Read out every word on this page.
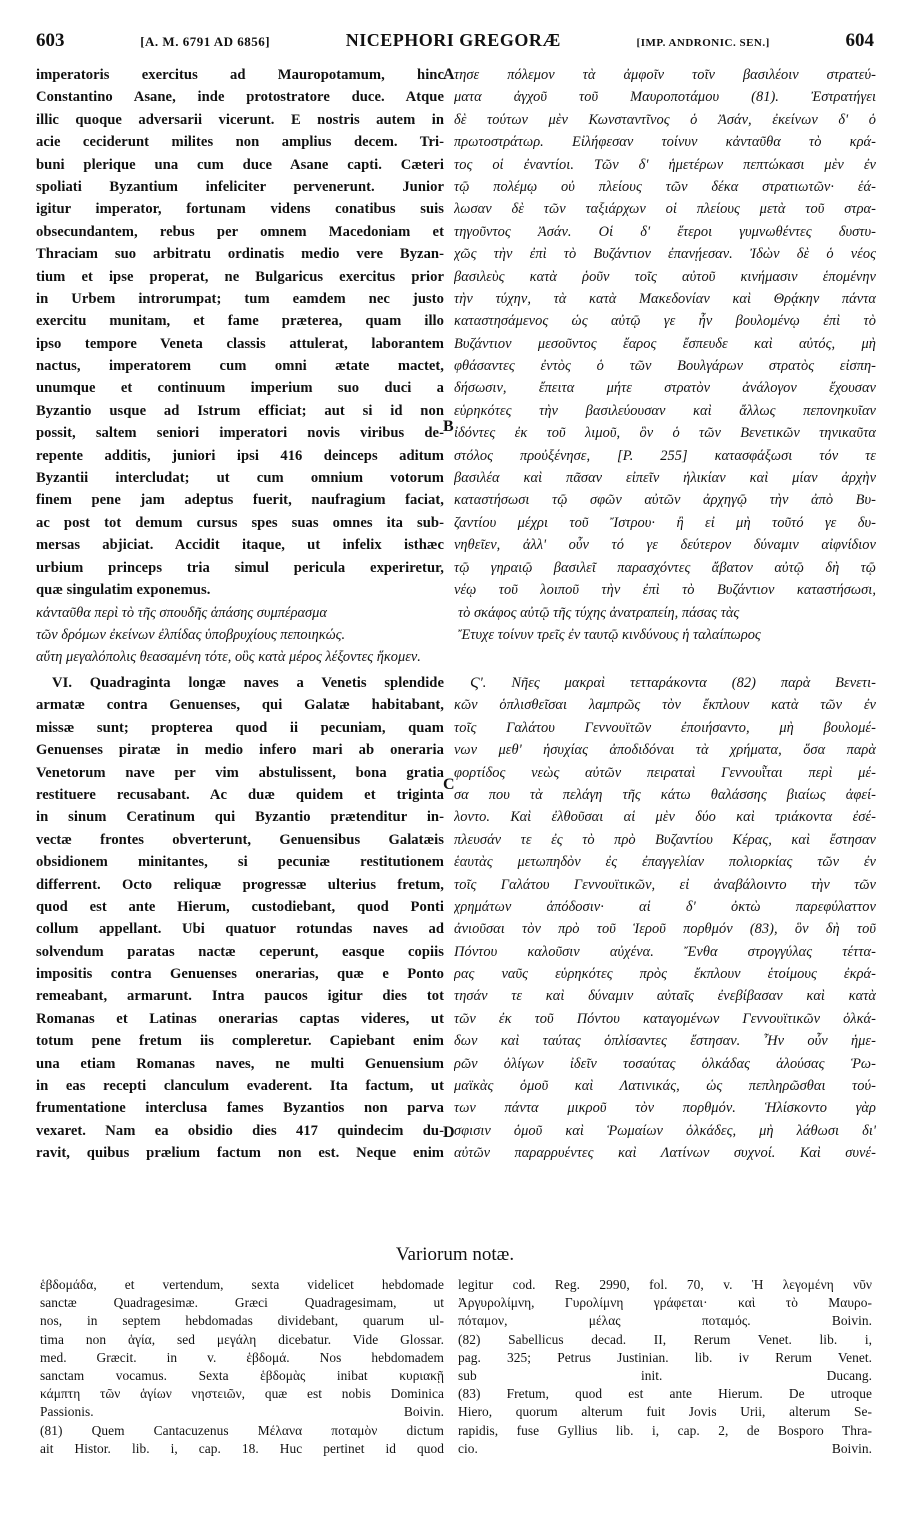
603	[A. M. 6791 AD 6856]	NICEPHORI GREGORÆ	[IMP. ANDRONIC. SEN.]	604
imperatoris exercitus ad Mauropotamum, hinc
Constantino Asane, inde protostratore duce. Atque
illic quoque adversarii vicerunt. E nostris autem in
acie ceciderunt milites non amplius decem. Tri-
buni plerique una cum duce Asane capti. Cæteri
spoliati Byzantium infeliciter pervenerunt. Junior
igitur imperator, fortunam videns conatibus suis
obsecundantem, rebus per omnem Macedoniam et
Thraciam suo arbitratu ordinatis medio vere Byzan-
tium et ipse properat, ne Bulgaricus exercitus prior
in Urbem introrumpat; tum eamdem nec justo
exercitu munitam, et fame præterea, quam illo
ipso tempore Veneta classis attulerat, laborantem
nactus, imperatorem cum omni ætate mactet,
unumque et continuum imperium suo duci a
Byzantio usque ad Istrum efficiat; aut si id non
possit, saltem seniori imperatori novis viribus de-
repente additis, juniori ipsi 416 deinceps aditum
Byzantii intercludat; ut cum omnium votorum
finem pene jam adeptus fuerit, naufragium faciat,
ac post tot demum cursus spes suas omnes ita sub-
mersas abjiciat. Accidit itaque, ut infelix isthæc
urbium princeps tria simul pericula experiretur,
quæ singulatim exponemus.
τησε πόλεμον τὰ ἀμφοῖν τοῖν βασιλέοιν στρατεύ-
ματα ἀγχοῦ τοῦ Μαυροποτάμου (81). Ἐστρατήγει
δὲ τούτων μὲν Κωνσταντῖνος ὁ Ἀσάν, ἐκείνων δ' ὁ
πρωτοστράτωρ. Εἰλήφεσαν τοίνυν κἀνταῦθα τὸ κρά-
τος οἱ ἐναντίοι. Τῶν δ' ἡμετέρων πεπτώκασι μὲν ἐν
τῷ πολέμῳ οὐ πλείους τῶν δέκα στρατιωτῶν· ἑά-
λωσαν δὲ τῶν ταξιάρχων οἱ πλείους μετὰ τοῦ στρα-
τηγοῦντος Ἀσάν. Οἱ δ' ἕτεροι γυμνωθέντες δυστυ-
χῶς τὴν ἐπὶ τὸ Βυζάντιον ἐπανῄεσαν. Ἰδὼν δὲ ὁ νέος
βασιλεὺς κατὰ ῥοῦν τοῖς αὐτοῦ κινήμασιν ἑπομένην
τὴν τύχην, τὰ κατὰ Μακεδονίαν καὶ Θρᾴκην πάντα
καταστησάμενος ὡς αὐτῷ γε ἦν βουλομένῳ ἐπὶ τὸ
Βυζάντιον μεσοῦντος ἔαρος ἔσπευδε καὶ αὐτός, μὴ
φθάσαντες ἐντὸς ὁ τῶν Βουλγάρων στρατὸς εἰσπη-
δήσωσιν, ἔπειτα μήτε στρατὸν ἀνάλογον ἔχουσαν
εὑρηκότες τὴν βασιλεύουσαν καὶ ἄλλως πεπονηκυῖαν
ἰδόντες ἐκ τοῦ λιμοῦ, ὃν ὁ τῶν Βενετικῶν τηνικαῦτα
στόλος προὐξένησε, [P. 255] κατασφάξωσι τόν τε
βασιλέα καὶ πᾶσαν εἰπεῖν ἡλικίαν καὶ μίαν ἀρχὴν
καταστήσωσι τῷ σφῶν αὐτῶν ἀρχηγῷ τὴν ἀπὸ Βυ-
ζαντίου μέχρι τοῦ Ἴστρου· ἢ εἰ μὴ τοῦτό γε δυ-
νηθεῖεν, ἀλλ' οὖν τό γε δεύτερον δύναμιν αἰφνίδιον
τῷ γηραιῷ βασιλεῖ παρασχόντες ἄβατον αὐτῷ δὴ τῷ
νέῳ τοῦ λοιποῦ τὴν ἐπὶ τὸ Βυζάντιον καταστήσωσι,
A
B
κἀνταῦθα περὶ τὸ τῆς σπουδῆς ἁπάσης συμπέρασμα	τὸ σκάφος αὐτῷ τῆς τύχης ἀνατραπείη, πάσας τὰς
τῶν δρόμων ἐκείνων ἐλπίδας ὑποβρυχίους πεποιηκώς.	Ἔτυχε τοίνυν τρεῖς ἐν ταυτῷ κινδύνους ἡ ταλαίπωρος
αὕτη μεγαλόπολις θεασαμένη τότε, οὓς κατὰ μέρος λέξοντες ἥκομεν.
VI. Quadraginta longæ naves a Venetis splendide
armatæ contra Genuenses, qui Galatæ habitabant,
missæ sunt; propterea quod ii pecuniam, quam
Genuenses piratæ in medio infero mari ab oneraria
Venetorum nave per vim abstulissent, bona gratia
restituere recusabant. Ac duæ quidem et triginta
in sinum Ceratinum qui Byzantio prætenditur in-
vectæ frontes obverterunt, Genuensibus Galatæis
obsidionem minitantes, si pecuniæ restitutionem
differrent. Octo reliquæ progressæ ulterius fretum,
quod est ante Hierum, custodiebant, quod Ponti
collum appellant. Ubi quatuor rotundas naves ad
solvendum paratas nactæ ceperunt, easque copiis
impositis contra Genuenses onerarias, quæ e Ponto
remeabant, armarunt. Intra paucos igitur dies tot
Romanas et Latinas onerarias captas videres, ut
totum pene fretum iis compleretur. Capiebant enim
una etiam Romanas naves, ne multi Genuensium
in eas recepti clanculum evaderent. Ita factum, ut
frumentatione interclusa fames Byzantios non parva
vexaret. Nam ea obsidio dies 417 quindecim du-
ravit, quibus prælium factum non est. Neque enim
Ϛ'. Νῆες μακραὶ τετταράκοντα (82) παρὰ Βενετι-
κῶν ὁπλισθεῖσαι λαμπρῶς τὸν ἔκπλουν κατὰ τῶν ἐν
τοῖς Γαλάτου Γεννουϊτῶν ἐποιήσαντο, μὴ βουλομέ-
νων μεθ' ἡσυχίας ἀποδιδόναι τὰ χρήματα, ὅσα παρὰ
φορτίδος νεὼς αὐτῶν πειραταὶ Γεννουῗται περὶ μέ-
σα που τὰ πελάγη τῆς κάτω θαλάσσης βιαίως ἀφεί-
λοντο. Καὶ ἐλθοῦσαι αἱ μὲν δύο καὶ τριάκοντα ἐσέ-
πλευσάν τε ἐς τὸ πρὸ Βυζαντίου Κέρας, καὶ ἔστησαν
ἑαυτὰς μετωπηδὸν ἐς ἐπαγγελίαν πολιορκίας τῶν ἐν
τοῖς Γαλάτου Γεννουϊτικῶν, εἰ ἀναβάλοιντο τὴν τῶν
χρημάτων ἀπόδοσιν· αἱ δ' ὀκτὼ παρεφύλαττον
ἀνιοῦσαι τὸν πρὸ τοῦ Ἱεροῦ πορθμόν (83), ὃν δὴ τοῦ
Πόντου καλοῦσιν αὐχένα. Ἔνθα στρογγύλας τέττα-
ρας ναῦς εὑρηκότες πρὸς ἔκπλουν ἑτοίμους ἐκρά-
τησάν τε καὶ δύναμιν αὐταῖς ἐνεβίβασαν καὶ κατὰ
τῶν ἐκ τοῦ Πόντου καταγομένων Γεννουϊτικῶν ὁλκά-
δων καὶ ταύτας ὁπλίσαντες ἔστησαν. Ἦν οὖν ἡμε-
ρῶν ὀλίγων ἰδεῖν τοσαύτας ὁλκάδας ἁλούσας Ῥω-
μαϊκὰς ὁμοῦ καὶ Λατινικάς, ὡς πεπληρῶσθαι τού-
των πάντα μικροῦ τὸν πορθμόν. Ἡλίσκοντο γὰρ
σφισιν ὁμοῦ καὶ Ῥωμαίων ὁλκάδες, μὴ λάθωσι δι'
αὐτῶν παραρρυέντες καὶ Λατίνων συχνοί. Καὶ συνέ-
C
D
Variorum notæ.
ἑβδομάδα, et vertendum, sexta videlicet hebdomade
sanctæ Quadragesimæ. Græci Quadragesimam, ut
nos, in septem hebdomadas dividebant, quarum ul-
tima non ἁγία, sed μεγάλη dicebatur. Vide Glossar.
med. Græcit. in v. ἑβδομά. Nos hebdomadem
sanctam vocamus. Sexta ἑβδομὰς inibat κυριακῇ
κάμπτη τῶν ἁγίων νηστειῶν, quæ est nobis Dominica
Passionis. Boivin.
(81) Quem Cantacuzenus Μέλανα ποταμὸν dictum
ait Histor. lib. i, cap. 18. Huc pertinet id quod
legitur cod. Reg. 2990, fol. 70, v. Ἡ λεγομένη νῦν
Ἀργυρολίμνη, Γυρολίμνη γράφεται· καὶ τὸ Μαυρο-
πόταμον, μέλας ποταμός. Boivin.
(82) Sabellicus decad. II, Rerum Venet. lib. i,
pag. 325; Petrus Justinian. lib. iv Rerum Venet.
sub init. Ducang.
(83) Fretum, quod est ante Hierum. De utroque
Hiero, quorum alterum fuit Jovis Urii, alterum Se-
rapidis, fuse Gyllius lib. i, cap. 2, de Bosporo Thra-
cio. Boivin.
